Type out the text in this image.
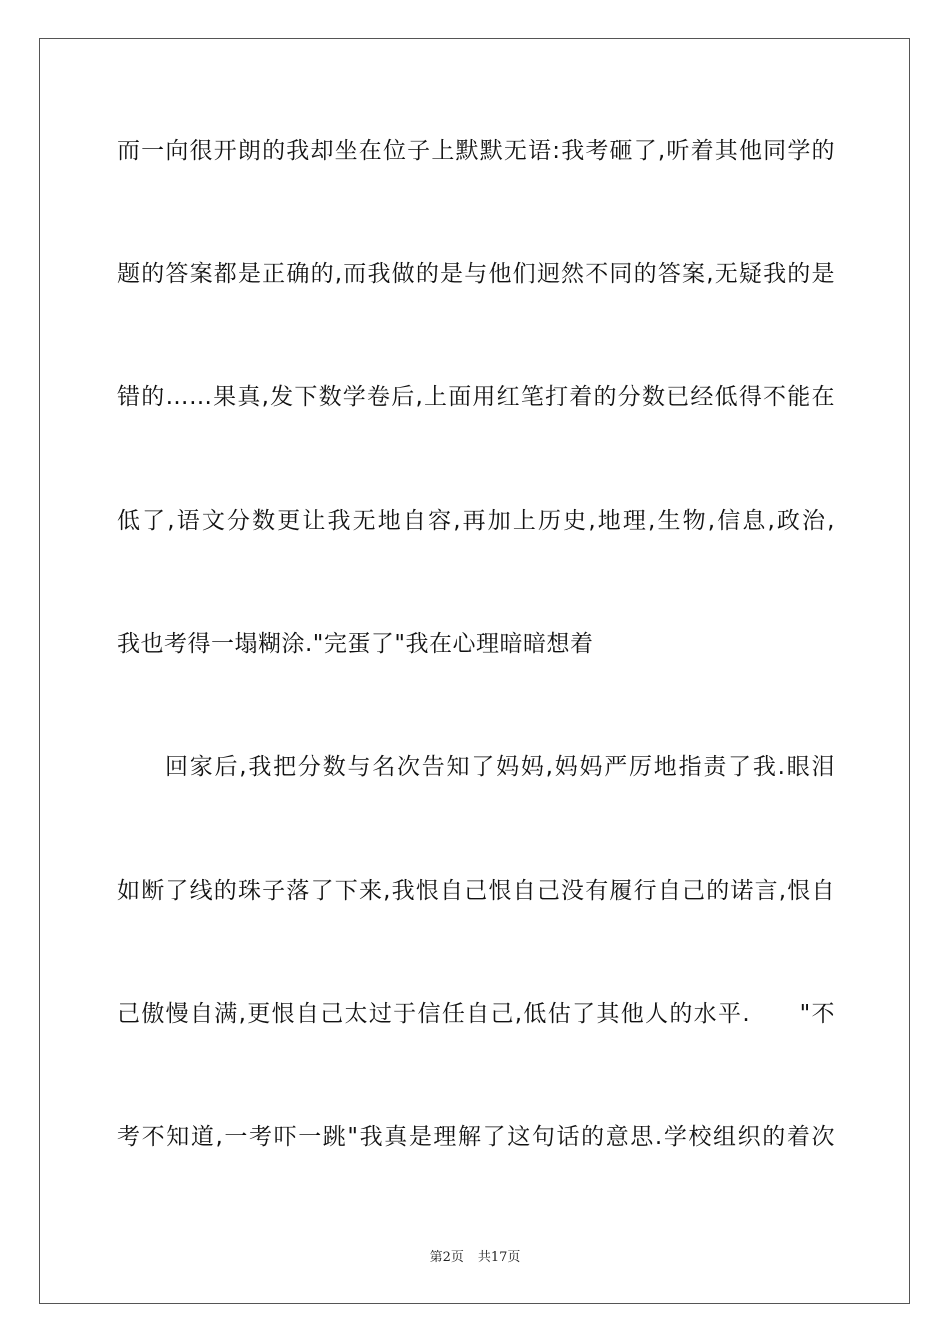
而一向很开朗的我却坐在位子上默默无语:我考砸了,听着其他同学的
题的答案都是正确的,而我做的是与他们迥然不同的答案,无疑我的是
错的……果真,发下数学卷后,上面用红笔打着的分数已经低得不能在
低了,语文分数更让我无地自容,再加上历史,地理,生物,信息,政治,
我也考得一塌糊涂."完蛋了"我在心理暗暗想着
回家后,我把分数与名次告知了妈妈,妈妈严厉地指责了我.眼泪
如断了线的珠子落了下来,我恨自己恨自己没有履行自己的诺言,恨自
己傲慢自满,更恨自己太过于信任自己,低估了其他人的水平.　　"不
考不知道,一考吓一跳"我真是理解了这句话的意思.学校组织的着次
第2页 共17页
